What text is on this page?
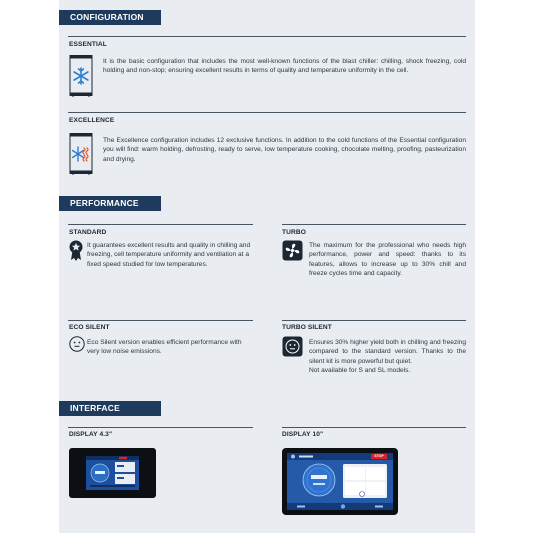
CONFIGURATION
ESSENTIAL
It is the basic configuration that includes the most well-known functions of the blast chiller: chilling, shock freezing, cold holding and non-stop; ensuring excellent results in terms of quality and temperature uniformity in the cell.
EXCELLENCE
The Excellence configuration includes 12 exclusive functions. In addition to the cold functions of the Essential configuration you will find: warm holding, defrosting, ready to serve, low temperature cooking, chocolate melting, proofing, pasteurization and drying.
PERFORMANCE
STANDARD	TURBO
It guarantees excellent results and quality in chilling and freezing, cell temperature uniformity and ventilation at a fixed speed studied for low temperatures.
The maximum for the professional who needs high performance, power and speed: thanks to its features, allows to increase up to 30% chill and freeze cycles time and capacity.
ECO SILENT	TURBO SILENT
Eco Silent version enables efficient performance with very low noise emissions.
Ensures 30% higher yield both in chilling and freezing compared to the standard version. Thanks to the silent kit is more powerful but quiet.
Not available for S and SL models.
INTERFACE
DISPLAY 4.3"	DISPLAY 10"
STOP
